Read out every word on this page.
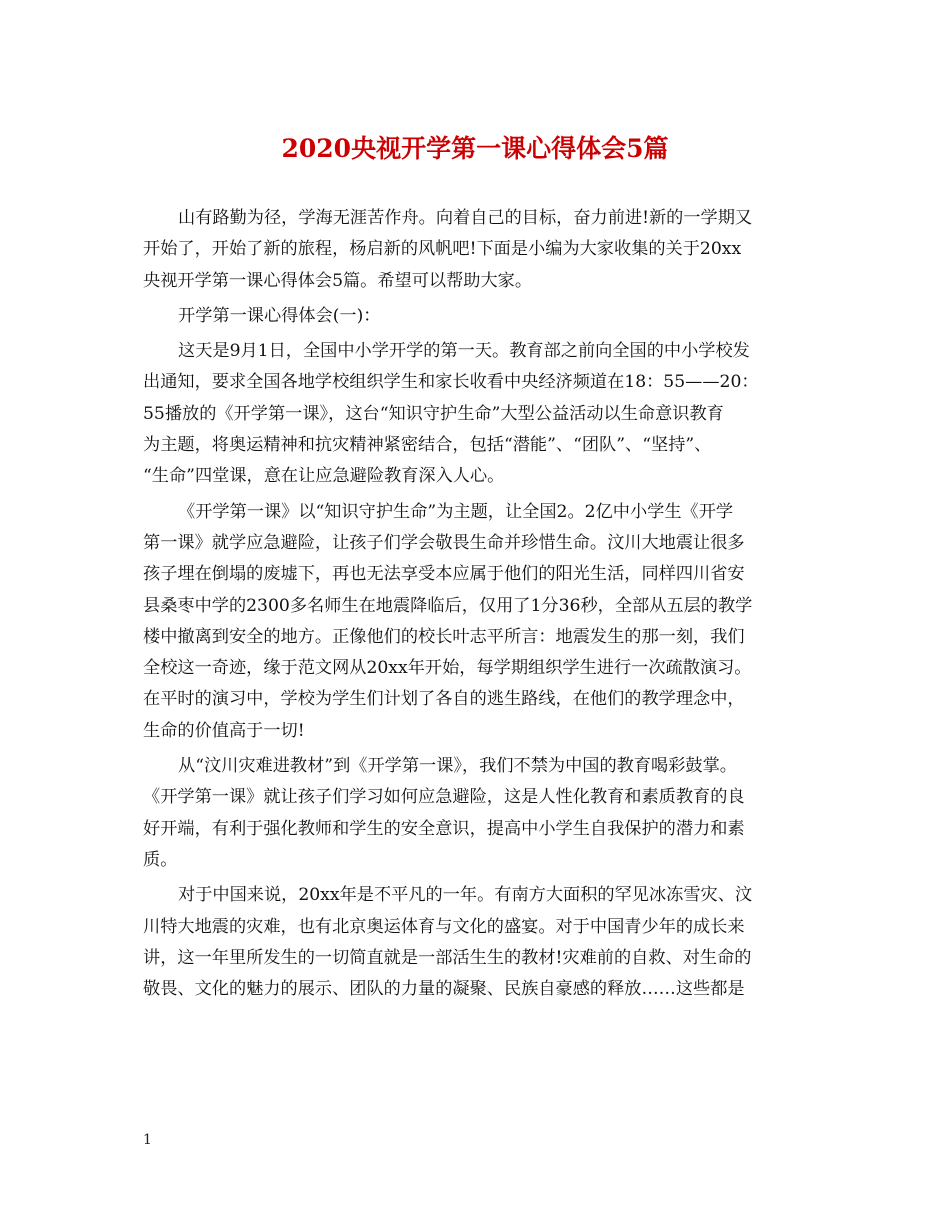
2020央视开学第一课心得体会5篇
山有路勤为径，学海无涯苦作舟。向着自己的目标，奋力前进!新的一学期又
开始了，开始了新的旅程，杨启新的风帆吧!下面是小编为大家收集的关于20xx
央视开学第一课心得体会5篇。希望可以帮助大家。
开学第一课心得体会(一)：
这天是9月1日，全国中小学开学的第一天。教育部之前向全国的中小学校发
出通知，要求全国各地学校组织学生和家长收看中央经济频道在18：55——20：
55播放的《开学第一课》，这台“知识守护生命”大型公益活动以生命意识教育
为主题，将奥运精神和抗灾精神紧密结合，包括“潜能”、“团队”、“坚持”、
“生命”四堂课，意在让应急避险教育深入人心。
《开学第一课》以“知识守护生命”为主题，让全国2。2亿中小学生《开学
第一课》就学应急避险，让孩子们学会敬畏生命并珍惜生命。汶川大地震让很多
孩子埋在倒塌的废墟下，再也无法享受本应属于他们的阳光生活，同样四川省安
县桑枣中学的2300多名师生在地震降临后，仅用了1分36秒，全部从五层的教学
楼中撤离到安全的地方。正像他们的校长叶志平所言：地震发生的那一刻，我们
全校这一奇迹，缘于范文网从20xx年开始，每学期组织学生进行一次疏散演习。
在平时的演习中，学校为学生们计划了各自的逃生路线，在他们的教学理念中，
生命的价值高于一切!
从“汶川灾难进教材”到《开学第一课》，我们不禁为中国的教育喝彩鼓掌。
《开学第一课》就让孩子们学习如何应急避险，这是人性化教育和素质教育的良
好开端，有利于强化教师和学生的安全意识，提高中小学生自我保护的潜力和素
质。
对于中国来说，20xx年是不平凡的一年。有南方大面积的罕见冰冻雪灾、汶
川特大地震的灾难，也有北京奥运体育与文化的盛宴。对于中国青少年的成长来
讲，这一年里所发生的一切简直就是一部活生生的教材!灾难前的自救、对生命的
敬畏、文化的魅力的展示、团队的力量的凝聚、民族自豪感的释放……这些都是
1
